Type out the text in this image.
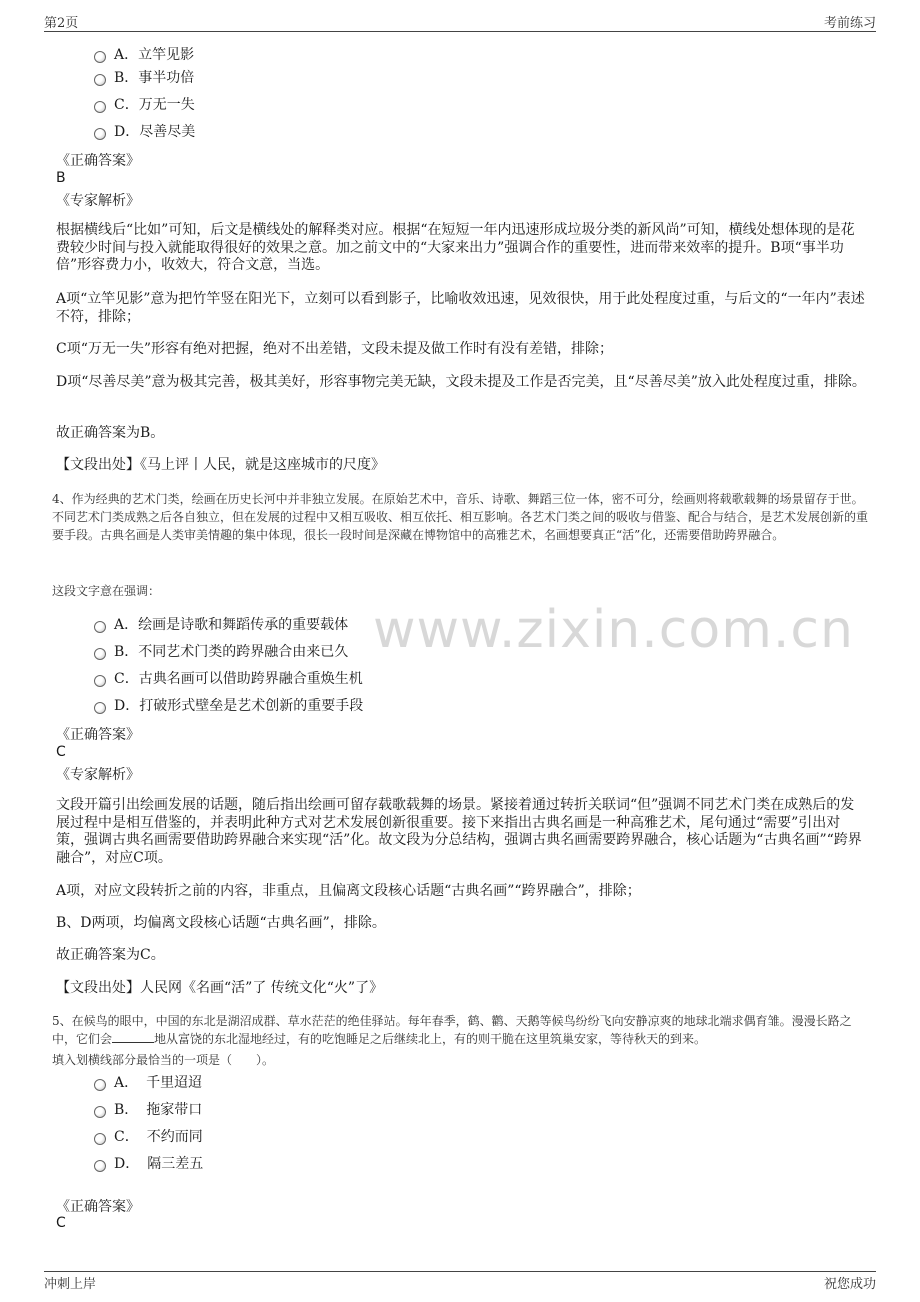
第2页	考前练习
www.zixin.com.cn
A．立竿见影
B．事半功倍
C．万无一失
D．尽善尽美
《正确答案》
B
《专家解析》
根据横线后“比如”可知，后文是横线处的解释类对应。根据“在短短一年内迅速形成垃圾分类的新风尚”可知，横线处想体现的是花费较少时间与投入就能取得很好的效果之意。加之前文中的“大家来出力”强调合作的重要性，进而带来效率的提升。B项“事半功倍”形容费力小，收效大，符合文意，当选。
A项“立竿见影”意为把竹竿竖在阳光下，立刻可以看到影子，比喻收效迅速，见效很快，用于此处程度过重，与后文的“一年内”表述不符，排除；
C项“万无一失”形容有绝对把握，绝对不出差错，文段未提及做工作时有没有差错，排除；
D项“尽善尽美”意为极其完善，极其美好，形容事物完美无缺，文段未提及工作是否完美，且“尽善尽美”放入此处程度过重，排除。
故正确答案为B。
【文段出处】《马上评丨人民，就是这座城市的尺度》
4、作为经典的艺术门类，绘画在历史长河中并非独立发展。在原始艺术中，音乐、诗歌、舞蹈三位一体，密不可分，绘画则将载歌载舞的场景留存于世。不同艺术门类成熟之后各自独立，但在发展的过程中又相互吸收、相互依托、相互影响。各艺术门类之间的吸收与借鉴、配合与结合，是艺术发展创新的重要手段。古典名画是人类审美情趣的集中体现，很长一段时间是深藏在博物馆中的高雅艺术，名画想要真正“活”化，还需要借助跨界融合。
这段文字意在强调：
A．绘画是诗歌和舞蹈传承的重要载体
B．不同艺术门类的跨界融合由来已久
C．古典名画可以借助跨界融合重焕生机
D．打破形式壁垒是艺术创新的重要手段
《正确答案》
C
《专家解析》
文段开篇引出绘画发展的话题，随后指出绘画可留存载歌载舞的场景。紧接着通过转折关联词“但”强调不同艺术门类在成熟后的发展过程中是相互借鉴的，并表明此种方式对艺术发展创新很重要。接下来指出古典名画是一种高雅艺术，尾句通过“需要”引出对策，强调古典名画需要借助跨界融合来实现“活”化。故文段为分总结构，强调古典名画需要跨界融合，核心话题为“古典名画”“跨界融合”，对应C项。
A项，对应文段转折之前的内容，非重点，且偏离文段核心话题“古典名画”“跨界融合”，排除；
B、D两项，均偏离文段核心话题“古典名画”，排除。
故正确答案为C。
【文段出处】人民网《名画“活”了 传统文化“火”了》
5、在候鸟的眼中，中国的东北是湖沼成群、草水茫茫的绝佳驿站。每年春季，鹤、鹳、天鹅等候鸟纷纷飞向安静凉爽的地球北端求偶育雏。漫漫长路之中，它们会	地从富饶的东北湿地经过，有的吃饱睡足之后继续北上，有的则干脆在这里筑巢安家，等待秋天的到来。
填入划横线部分最恰当的一项是（　　）。
A． 千里迢迢
B． 拖家带口
C． 不约而同
D． 隔三差五
《正确答案》
C
冲刺上岸	祝您成功
